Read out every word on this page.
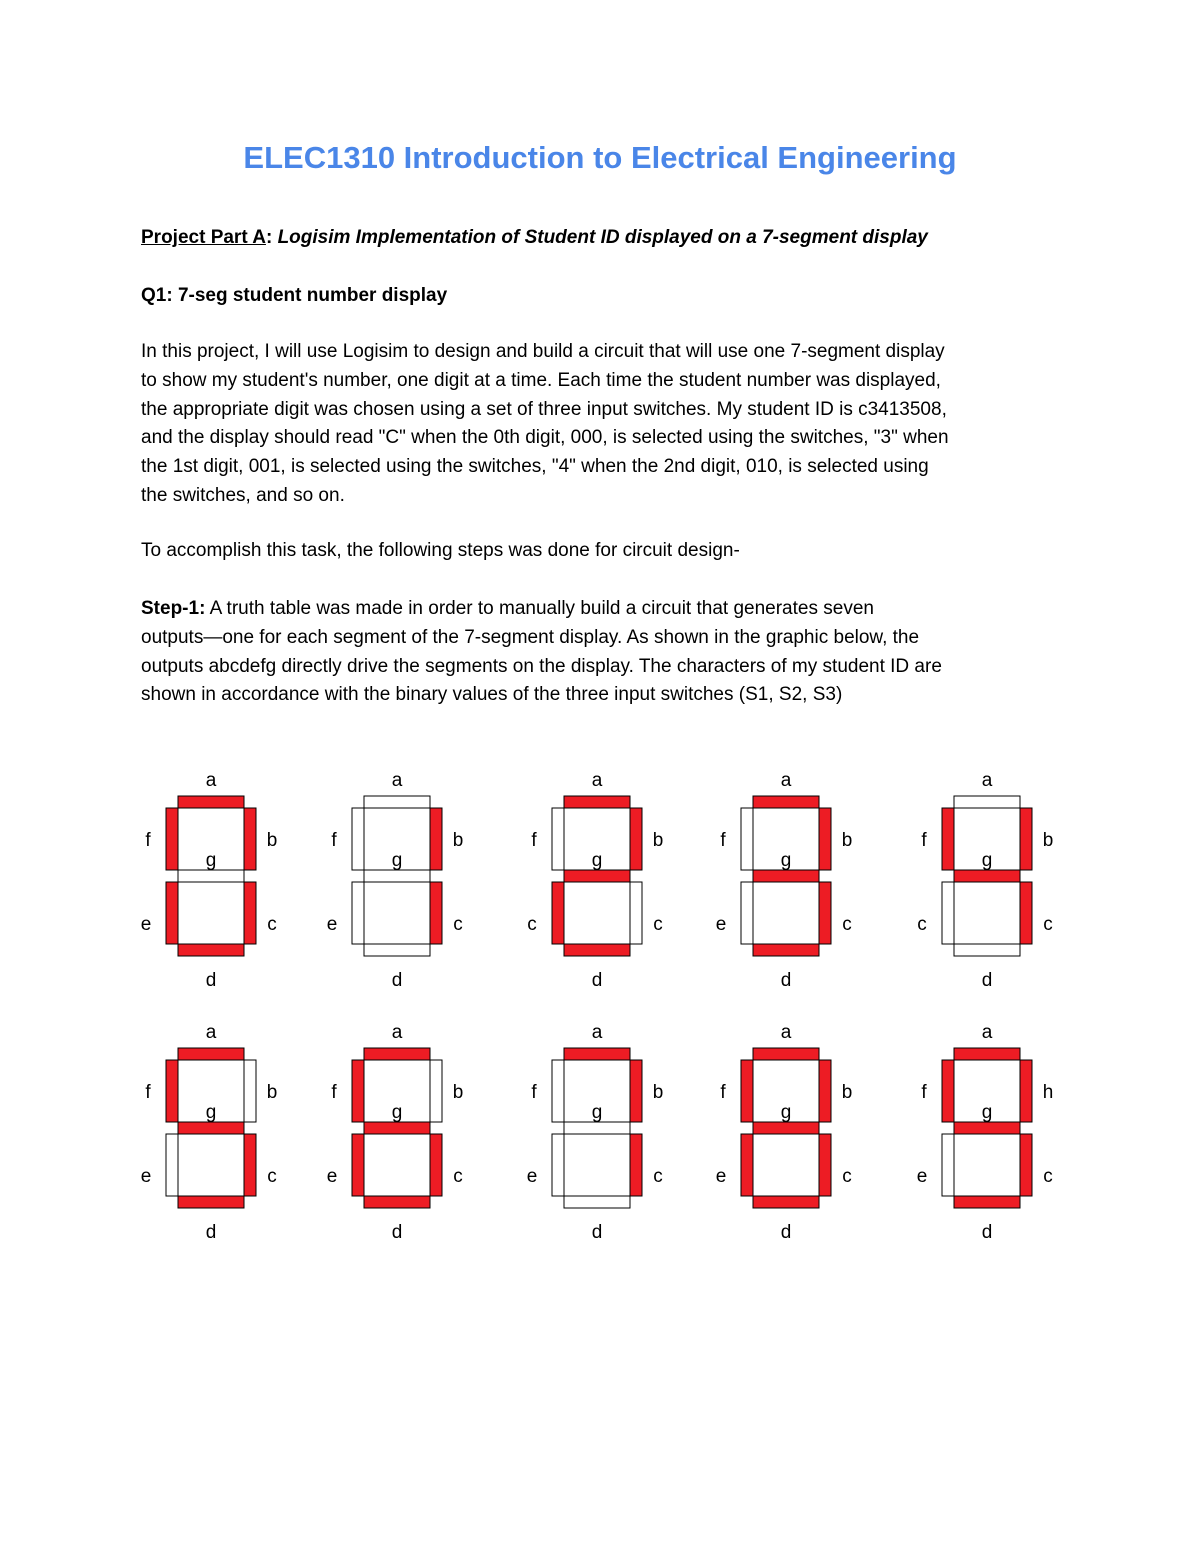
ELEC1310 Introduction to Electrical Engineering
Project Part A: Logisim Implementation of Student ID displayed on a 7-segment display
Q1: 7-seg student number display
In this project, I will use Logisim to design and build a circuit that will use one 7-segment display
to show my student's number, one digit at a time. Each time the student number was displayed,
the appropriate digit was chosen using a set of three input switches. My student ID is c3413508,
and the display should read "C" when the 0th digit, 000, is selected using the switches, "3" when
the 1st digit, 001, is selected using the switches, "4" when the 2nd digit, 010, is selected using
the switches, and so on.
To accomplish this task, the following steps was done for circuit design-
Step-1: A truth table was made in order to manually build a circuit that generates seven
outputs—one for each segment of the 7-segment display. As shown in the graphic below, the
outputs abcdefg directly drive the segments on the display. The characters of my student ID are
shown in accordance with the binary values of the three input switches (S1, S2, S3)
a
d
f	b
e	c
g
a
d
f	b
e	c
g
a
d
f	b
c	c
g
a
d
f	b
e	c
g
a
d
f	b
c	c
g
a
d
f	b
e	c
g
a
d
f	b
e	c
g
a
d
f	b
e	c
g
a
d
f	b
e	c
g
a
d
f	h
e	c
g
